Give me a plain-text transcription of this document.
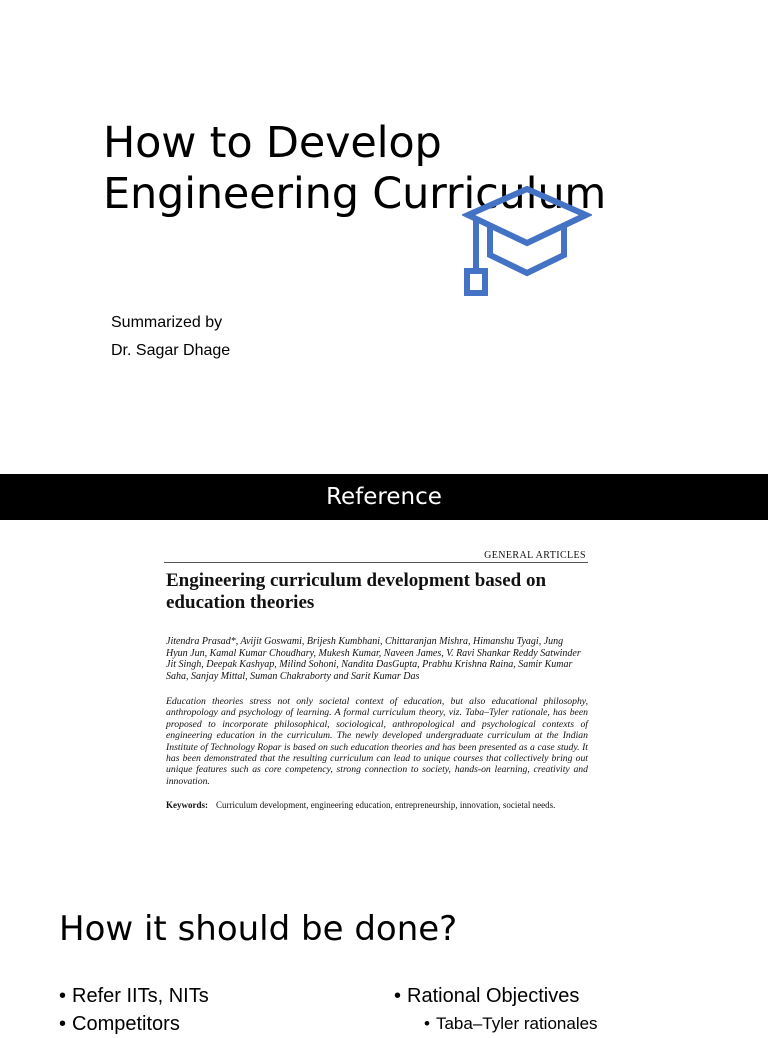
How to Develop
Engineering Curriculum
Summarized by
Dr. Sagar Dhage
Reference
GENERAL ARTICLES
Engineering curriculum development based on education theories
Jitendra Prasad*, Avijit Goswami, Brijesh Kumbhani, Chittaranjan Mishra, Himanshu Tyagi, Jung Hyun Jun, Kamal Kumar Choudhary, Mukesh Kumar, Naveen James, V. Ravi Shankar Reddy Satwinder Jit Singh, Deepak Kashyap, Milind Sohoni, Nandita DasGupta, Prabhu Krishna Raina, Samir Kumar Saha, Sanjay Mittal, Suman Chakraborty and Sarit Kumar Das
Education theories stress not only societal context of education, but also educational philosophy, anthropology and psychology of learning. A formal curriculum theory, viz. Taba–Tyler rationale, has been proposed to incorporate philosophical, sociological, anthropological and psychological contexts of engineering education in the curriculum. The newly developed undergraduate curriculum at the Indian Institute of Technology Ropar is based on such education theories and has been presented as a case study. It has been demonstrated that the resulting curriculum can lead to unique courses that collectively bring out unique features such as core competency, strong connection to society, hands-on learning, creativity and innovation.
Keywords: Curriculum development, engineering education, entrepreneurship, innovation, societal needs.
How it should be done?
• Refer IITs, NITs
• Competitors
• Rational Objectives
• Taba–Tyler rationales
